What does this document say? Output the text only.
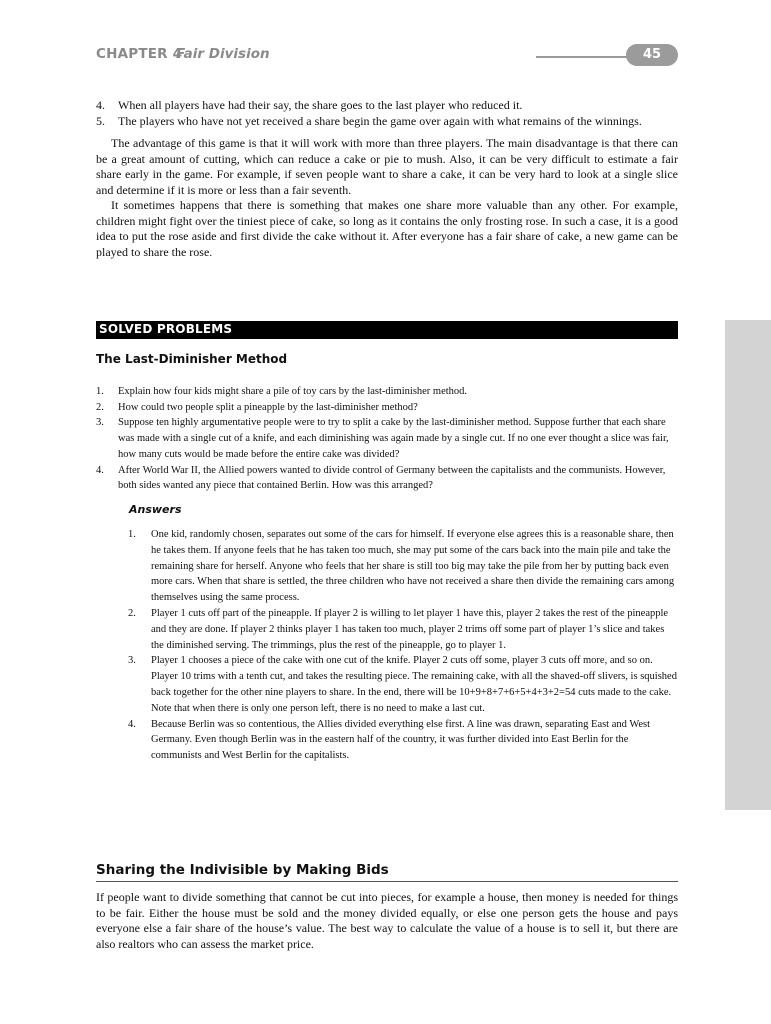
CHAPTER 4
Fair Division	45
4. When all players have had their say, the share goes to the last player who reduced it.
5. The players who have not yet received a share begin the game over again with what remains of the winnings.

The advantage of this game is that it will work with more than three players. The main disadvantage is that there can be a great amount of cutting, which can reduce a cake or pie to mush. Also, it can be very difficult to estimate a fair share early in the game. For example, if seven people want to share a cake, it can be very hard to look at a single slice and determine if it is more or less than a fair seventh.

It sometimes happens that there is something that makes one share more valuable than any other. For example, children might fight over the tiniest piece of cake, so long as it contains the only frosting rose. In such a case, it is a good idea to put the rose aside and first divide the cake without it. After everyone has a fair share of cake, a new game can be played to share the rose.

SOLVED PROBLEMS
The Last-Diminisher Method
1. Explain how four kids might share a pile of toy cars by the last-diminisher method.
2. How could two people split a pineapple by the last-diminisher method?
3. Suppose ten highly argumentative people were to try to split a cake by the last-diminisher method. Suppose further that each share was made with a single cut of a knife, and each diminishing was again made by a single cut. If no one ever thought a slice was fair, how many cuts would be made before the entire cake was divided?
4. After World War II, the Allied powers wanted to divide control of Germany between the capitalists and the communists. However, both sides wanted any piece that contained Berlin. How was this arranged?
Answers
1. One kid, randomly chosen, separates out some of the cars for himself. If everyone else agrees this is a reasonable share, then he takes them. If anyone feels that he has taken too much, she may put some of the cars back into the main pile and take the remaining share for herself. Anyone who feels that her share is still too big may take the pile from her by putting back even more cars. When that share is settled, the three children who have not received a share then divide the remaining cars among themselves using the same process.
2. Player 1 cuts off part of the pineapple. If player 2 is willing to let player 1 have this, player 2 takes the rest of the pineapple and they are done. If player 2 thinks player 1 has taken too much, player 2 trims off some part of player 1’s slice and takes the diminished serving. The trimmings, plus the rest of the pineapple, go to player 1.
3. Player 1 chooses a piece of the cake with one cut of the knife. Player 2 cuts off some, player 3 cuts off more, and so on. Player 10 trims with a tenth cut, and takes the resulting piece. The remaining cake, with all the shaved-off slivers, is squished back together for the other nine players to share. In the end, there will be 10+9+8+7+6+5+4+3+2=54 cuts made to the cake. Note that when there is only one person left, there is no need to make a last cut.
4. Because Berlin was so contentious, the Allies divided everything else first. A line was drawn, separating East and West Germany. Even though Berlin was in the eastern half of the country, it was further divided into East Berlin for the communists and West Berlin for the capitalists.
Sharing the Indivisible by Making Bids

If people want to divide something that cannot be cut into pieces, for example a house, then money is needed for things to be fair. Either the house must be sold and the money divided equally, or else one person gets the house and pays everyone else a fair share of the house’s value. The best way to calculate the value of a house is to sell it, but there are also realtors who can assess the market price.
